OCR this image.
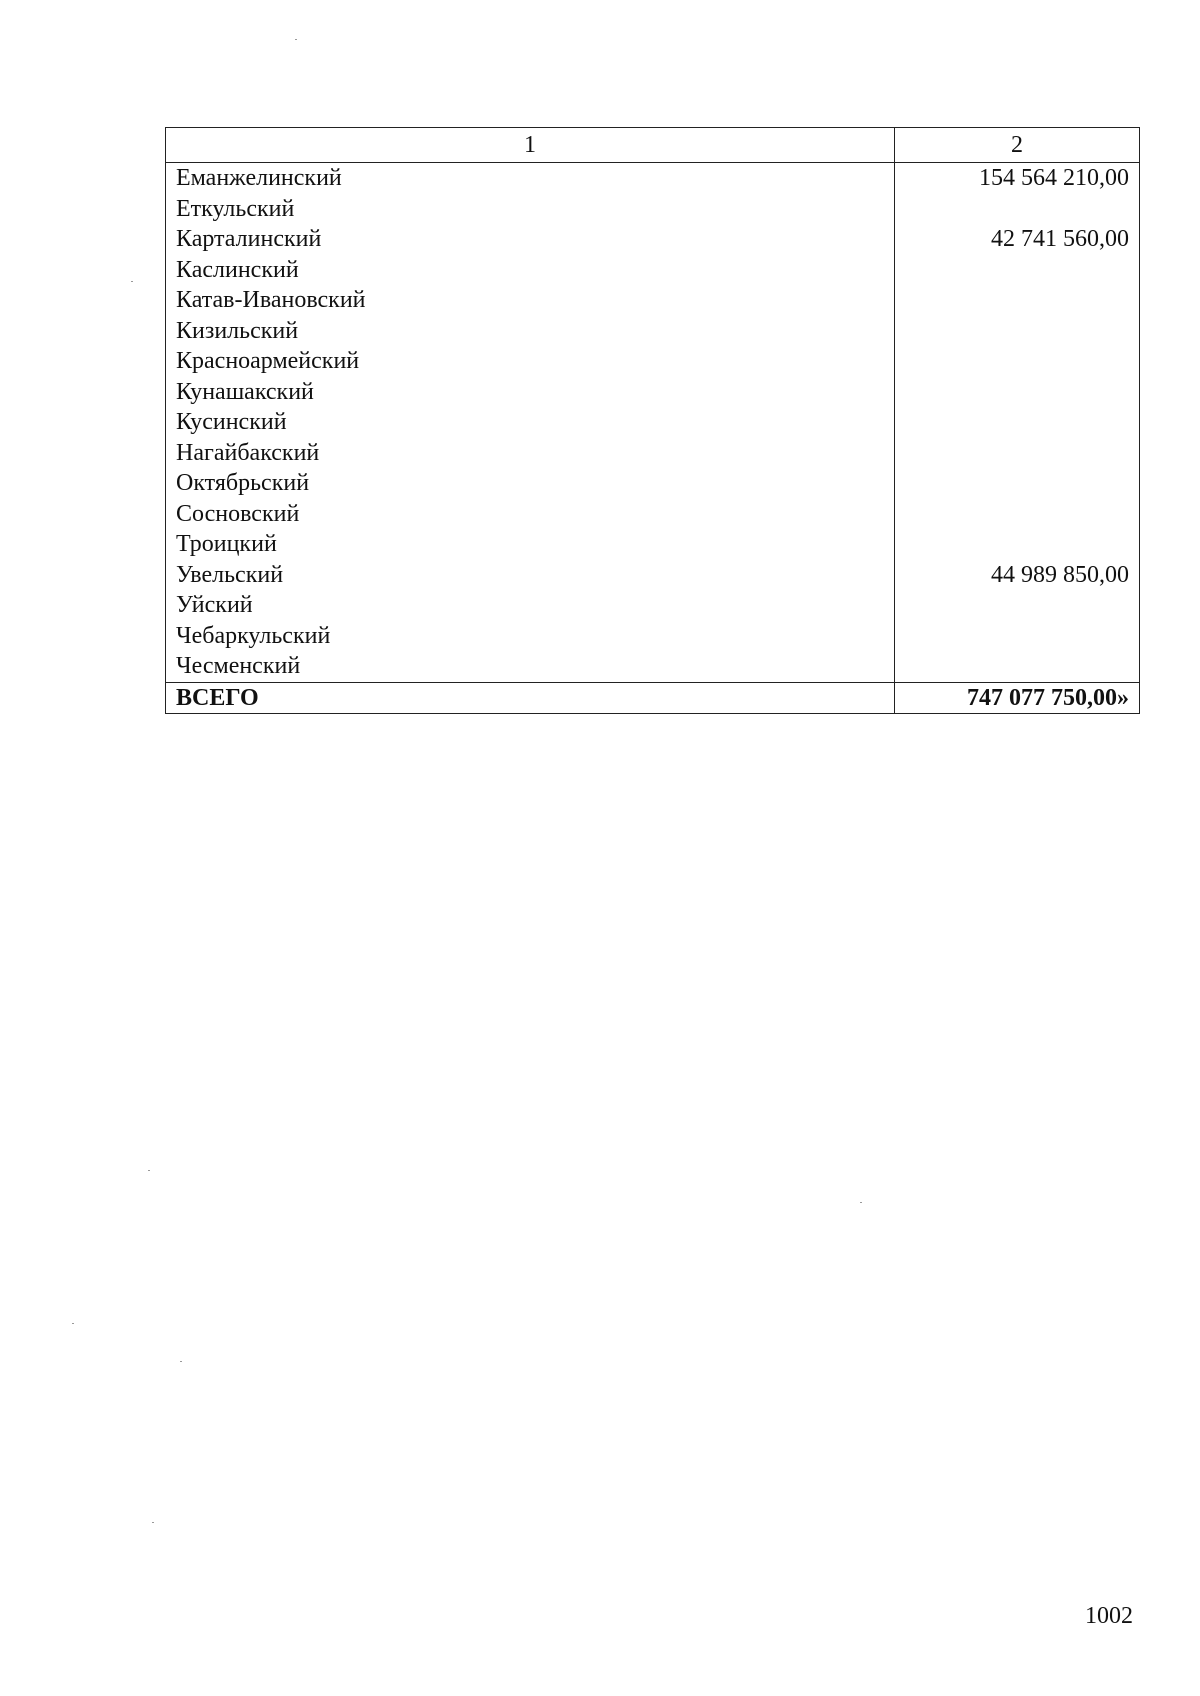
1	2
Еманжелинский	154 564 210,00
Еткульский	
Карталинский	42 741 560,00
Каслинский	
Катав-Ивановский	
Кизильский	
Красноармейский	
Кунашакский	
Кусинский	
Нагайбакский	
Октябрьский	
Сосновский	
Троицкий	
Увельский	44 989 850,00
Уйский	
Чебаркульский	
Чесменский	
ВСЕГО	747 077 750,00»
1002
